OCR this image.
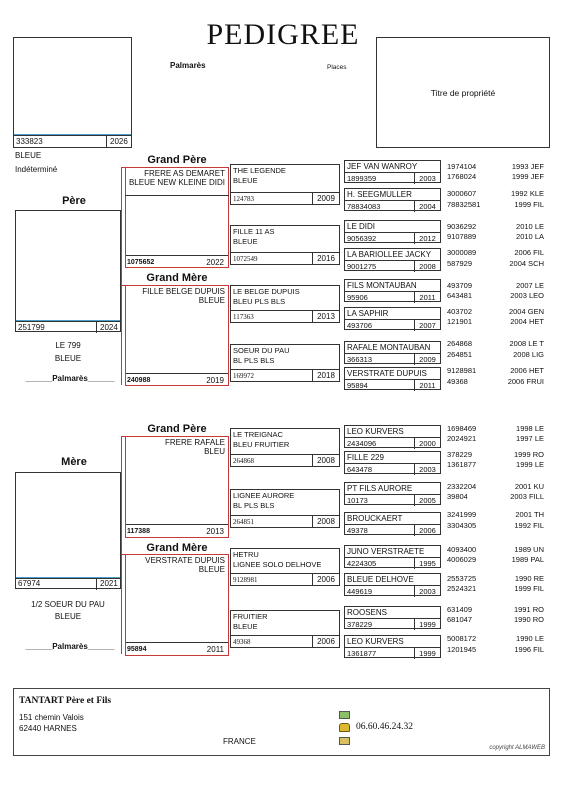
PEDIGREE
Palmarès	Places
333823	2026
BLEUE
Indéterminé
Titre de propriété
Père
251799	2024
LE 799
BLEUE
______Palmarès______
Grand Père
FRERE AS DEMARET
BLEUE NEW KLEINE DIDI
1075652	2022
Grand Mère
FILLE BELGE DUPUIS
BLEUE
240988	2019
Mère
67974	2021
1/2 SOEUR DU PAU
BLEUE
______Palmarès______
Grand Père
FRERE RAFALE
BLEU
117388	2013
Grand Mère
VERSTRATE DUPUIS
BLEUE
95894	2011
THE LEGENDE
BLEUE
124783	2009
FILLE 11 AS
BLEUE
1072549	2016
LE BELGE DUPUIS
BLEU PLS BLS
117363	2013
SOEUR DU PAU
BL PLS BLS
169972	2018
LE TREIGNAC
BLEU FRUITIER
264868	2008
LIGNEE AURORE
BL PLS BLS
264851	2008
HETRU
LIGNEE SOLO DELHOVE
9128981	2006
FRUITIER
BLEUE
49368	2006
JEF VAN WANROY
1899359	2003
H. SEEGMULLER
78834083	2004
LE DIDI
9056392	2012
LA BARIOLLEE JACKY
9001275	2008
FILS MONTAUBAN
95906	2011
LA SAPHIR
493706	2007
RAFALE MONTAUBAN
366313	2009
VERSTRATE DUPUIS
95894	2011
LEO KURVERS
2434096	2000
FILLE 229
643478	2003
PT FILS AURORE
10173	2005
BROUCKAERT
49378	2006
JUNO VERSTRAETE
4224305	1995
BLEUE DELHOVE
449619	2003
ROOSENS
378229	1999
LEO KURVERS
1361877	1999
1974104	1993 JEF
1768024	1999 JEF
3000607	1992 KLE
78832581	1999 FIL
9036292	2010 LE
9107889	2010 LA
3000089	2006 FIL
587929	2004 SCH
493709	2007 LE
643481	2003 LEO
403702	2004 GEN
121901	2004 HET
264868	2008 LE T
264851	2008 LIG
9128981	2006 HET
49368	2006 FRUI
1698469	1998 LE
2024921	1997 LE
378229	1999 RO
1361877	1999 LE
2332204	2001 KU
39804	2003 FILL
3241999	2001 TH
3304305	1992 FIL
4093400	1989 UN
4006029	1989 PAL
2553725	1990 RE
2524321	1999 FIL
631409	1991 RO
681047	1990 RO
5008172	1990 LE
1201945	1996 FIL
TANTART Père et Fils
151 chemin Valois
62440 HARNES
FRANCE
06.60.46.24.32
copyright ALMAWEB
